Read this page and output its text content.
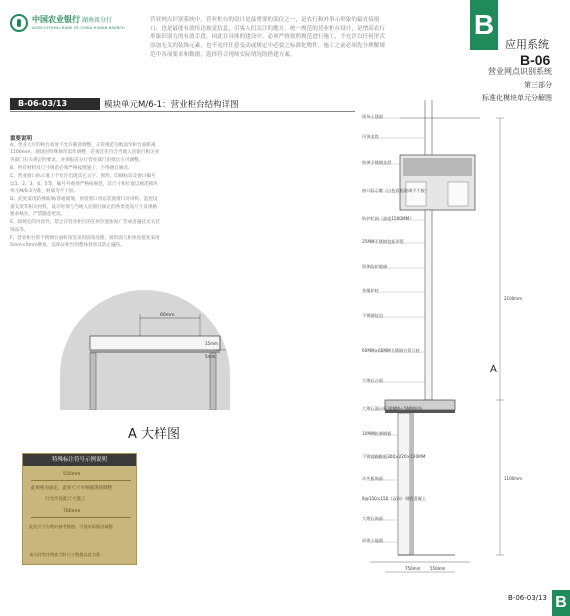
中国农业银行 湖南省分行
AGRICULTURAL BANK OF CHINA HUNAN BRANCH
营业网点识别系统中，营业柜台的设计是最重要的部位之一，是农行和外事示形象的最直接窗口，也是最能有效传达视觉信息，引客人们关注的地方，统一规范的营业柜台设计，是增高农行形象识别力的有效手段。因此在具体的建设中，必须严格按照规范进行施工，不允许以任何形式添加无关的装饰元素，也不允许任意变动或规定中必要之标准化物件，施工之前必须先分理解规范中各项要求和数据，选择符合现场实际情况的搭建方案。
B
应用系统
B-06
营业网点识别系统
第三部分
标准化模块单元分解图
B-06-03/13	模块单元M/6-1：营业柜台结构详图
重要说明

A、营业大厅的柜台高度不允许随意调整，正常规范为地面至柜台面距离1100mm，现场因特殊情况需作调整，必须首先符合当地人民银行相关业务部门有关规定的要求，并须报省分行营业部门审批后方可调整。

B、所有材料及尺寸规范必须严格按图施工，不得擅自修改。

C、营业窗口标示离上不允许出现其它文字、图形、印刷标识及窗口编号以1、2、3、4、5等，编号外观须严格按规范，其尺寸和位置以规范模块单元M/6-2为准，材质为不干胶。

D、此处采用防弹玻璃/普通玻璃，预留窗口用以装置窗口对讲机、监控设备支架等相关材料，设计时须与当地人民银行核定的各类宽高尺寸及规格要求核实，严禁随意更改。

E、除规定的内容外，禁止在营业柜台的任何位置张贴广告或者悬挂无关装饰品等。

F、营业柜台的不锈钢台面转角处采用圆角处理，弧形面与柜体连接处采用5mm×5mm倒角，以保证柜台的整体效果及防止磕伤。

60mm
15mm
5mm
A 大样图
特殊标注符号示例说明
550mm
此规格为固定，此处尺寸可根据现场调整
只允许按此尺寸施工
760mm
此处尺寸为相对参考数值，可依实际情况调整
表示同等比例放大时尺寸数值以此为准
2100mm
1100mm
750mm 550mm
现场土建面
吊顶龙骨
防弹不锈钢龙骨
窗口标示牌（白色有机玻璃不干胶）
防护栏网（高度1500MM）
25MM不锈钢包矩形管
固体防护玻璃
金属护柱
不锈钢包边
60MM×60MM不锈钢方管立柱
大理石台面
大理石面台板30MM＋5MM倒角
10MM防弹钢板
不锈钢踢脚板300×220×120MM
木夹板饰面
8@150×150（双向）钢筋混凝土
大理石饰面
原建土地面
A
B-06-03/13 B
